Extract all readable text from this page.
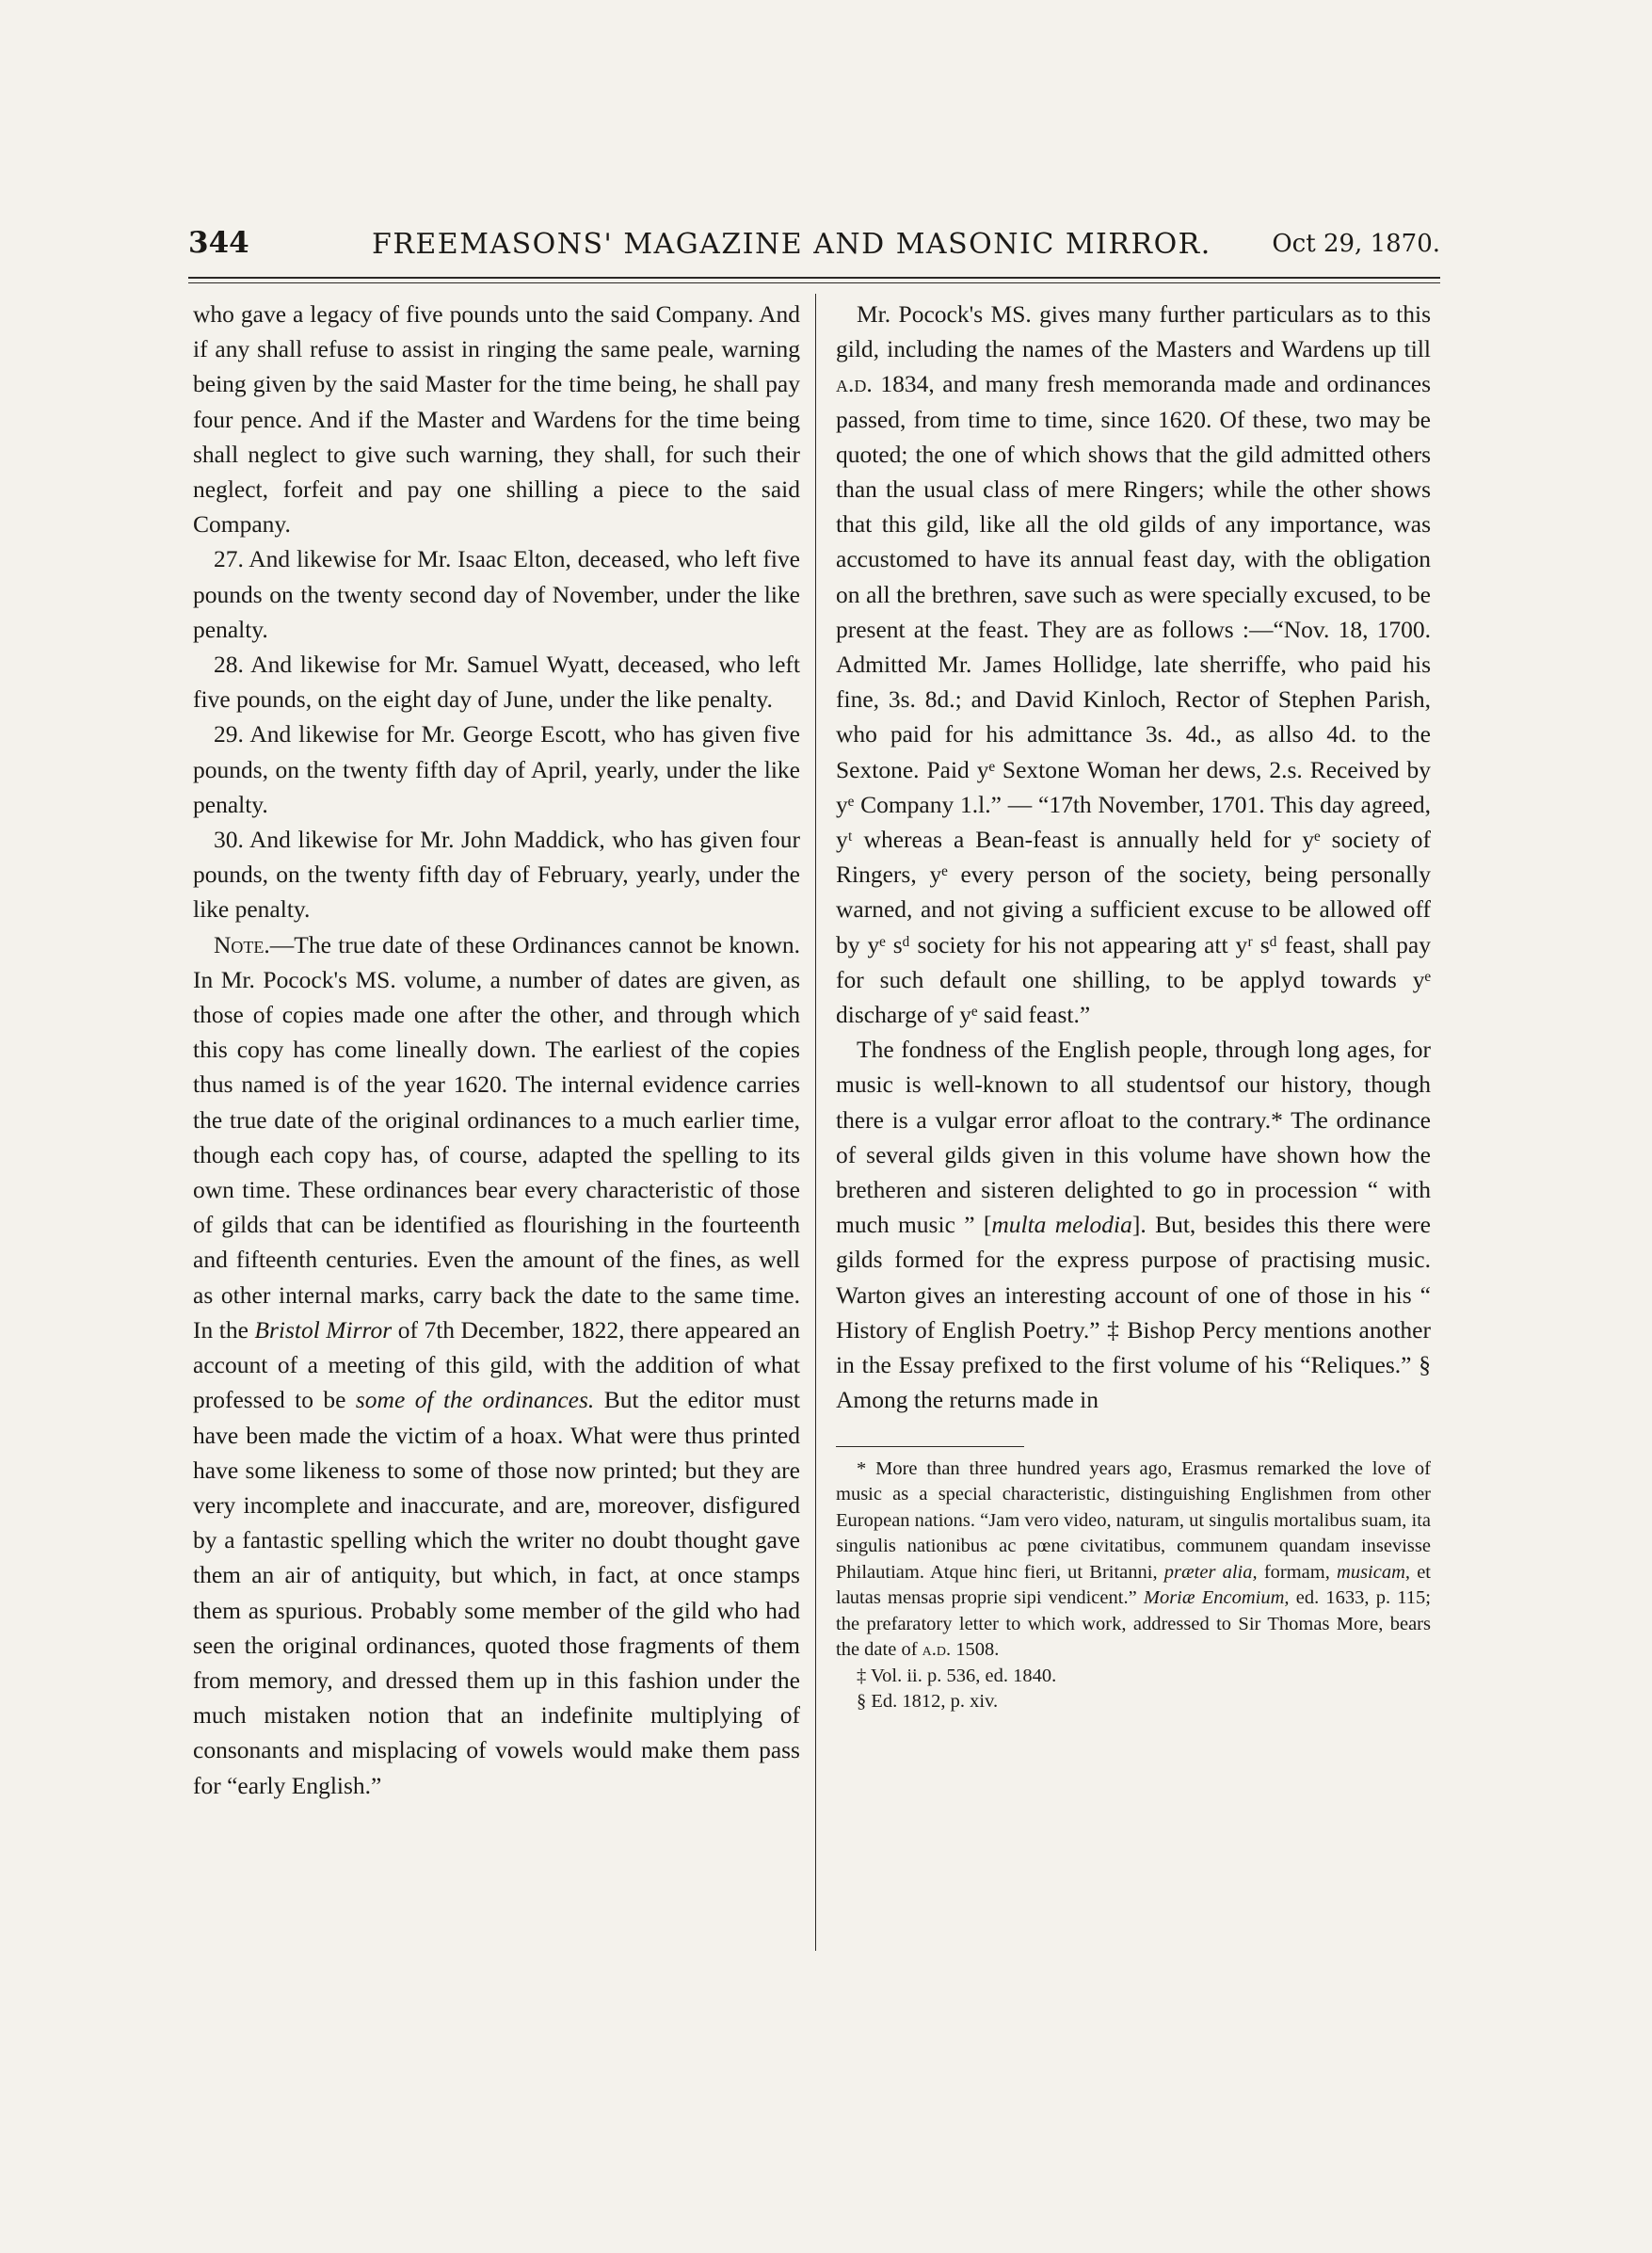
344	FREEMASONS' MAGAZINE AND MASONIC MIRROR. Oct 29, 1870.

who gave a legacy of five pounds unto the said Company. And if any shall refuse to assist in ringing the same peale, warning being given by the said Master for the time being, he shall pay four pence. And if the Master and Wardens for the time being shall neglect to give such warning, they shall, for such their neglect, forfeit and pay one shilling a piece to the said Company.

27. And likewise for Mr. Isaac Elton, deceased, who left five pounds on the twenty second day of November, under the like penalty.

28. And likewise for Mr. Samuel Wyatt, deceased, who left five pounds, on the eight day of June, under the like penalty.

29. And likewise for Mr. George Escott, who has given five pounds, on the twenty fifth day of April, yearly, under the like penalty.

30. And likewise for Mr. John Maddick, who has given four pounds, on the twenty fifth day of February, yearly, under the like penalty.

Note.—The true date of these Ordinances cannot be known. In Mr. Pocock's MS. volume, a number of dates are given, as those of copies made one after the other, and through which this copy has come lineally down. The earliest of the copies thus named is of the year 1620. The internal evidence carries the true date of the original ordinances to a much earlier time, though each copy has, of course, adapted the spelling to its own time. These ordinances bear every characteristic of those of gilds that can be identified as flourishing in the fourteenth and fifteenth centuries. Even the amount of the fines, as well as other internal marks, carry back the date to the same time. In the Bristol Mirror of 7th December, 1822, there appeared an account of a meeting of this gild, with the addition of what professed to be some of the ordinances. But the editor must have been made the victim of a hoax. What were thus printed have some likeness to some of those now printed; but they are very incomplete and inaccurate, and are, moreover, disfigured by a fantastic spelling which the writer no doubt thought gave them an air of antiquity, but which, in fact, at once stamps them as spurious. Probably some member of the gild who had seen the original ordinances, quoted those fragments of them from memory, and dressed them up in this fashion under the much mistaken notion that an indefinite multiplying of consonants and misplacing of vowels would make them pass for “early English.”

Mr. Pocock's MS. gives many further particulars as to this gild, including the names of the Masters and Wardens up till a.d. 1834, and many fresh memoranda made and ordinances passed, from time to time, since 1620. Of these, two may be quoted; the one of which shows that the gild admitted others than the usual class of mere Ringers; while the other shows that this gild, like all the old gilds of any importance, was accustomed to have its annual feast day, with the obligation on all the brethren, save such as were specially excused, to be present at the feast. They are as follows :—“Nov. 18, 1700. Admitted Mr. James Hollidge, late sherriffe, who paid his fine, 3s. 8d.; and David Kinloch, Rector of Stephen Parish, who paid for his admittance 3s. 4d., as allso 4d. to the Sextone. Paid yᵉ Sextone Woman her dews, 2.s. Received by yᵉ Company 1.l.” — “17th November, 1701. This day agreed, yᵗ whereas a Bean-feast is annually held for yᵉ society of Ringers, yᵉ every person of the society, being personally warned, and not giving a sufficient excuse to be allowed off by yᵉ sᵈ society for his not appearing att yʳ sᵈ feast, shall pay for such default one shilling, to be applyd towards yᵉ discharge of yᵉ said feast.”

The fondness of the English people, through long ages, for music is well-known to all studentsof our history, though there is a vulgar error afloat to the contrary.* The ordinance of several gilds given in this volume have shown how the bretheren and sisteren delighted to go in procession “ with much music ” [multa melodia]. But, besides this there were gilds formed for the express purpose of practising music. Warton gives an interesting account of one of those in his “ History of English Poetry.” ‡ Bishop Percy mentions another in the Essay prefixed to the first volume of his “Reliques.” § Among the returns made in

* More than three hundred years ago, Erasmus remarked the love of music as a special characteristic, distinguishing Englishmen from other European nations. “Jam vero video, naturam, ut singulis mortalibus suam, ita singulis nationibus ac pœne civitatibus, communem quandam insevisse Philautiam. Atque hinc fieri, ut Britanni, præter alia, formam, musicam, et lautas mensas proprie sipi vendicent.” Moriæ Encomium, ed. 1633, p. 115; the prefaratory letter to which work, addressed to Sir Thomas More, bears the date of a.d. 1508.

‡ Vol. ii. p. 536, ed. 1840.

§ Ed. 1812, p. xiv.
